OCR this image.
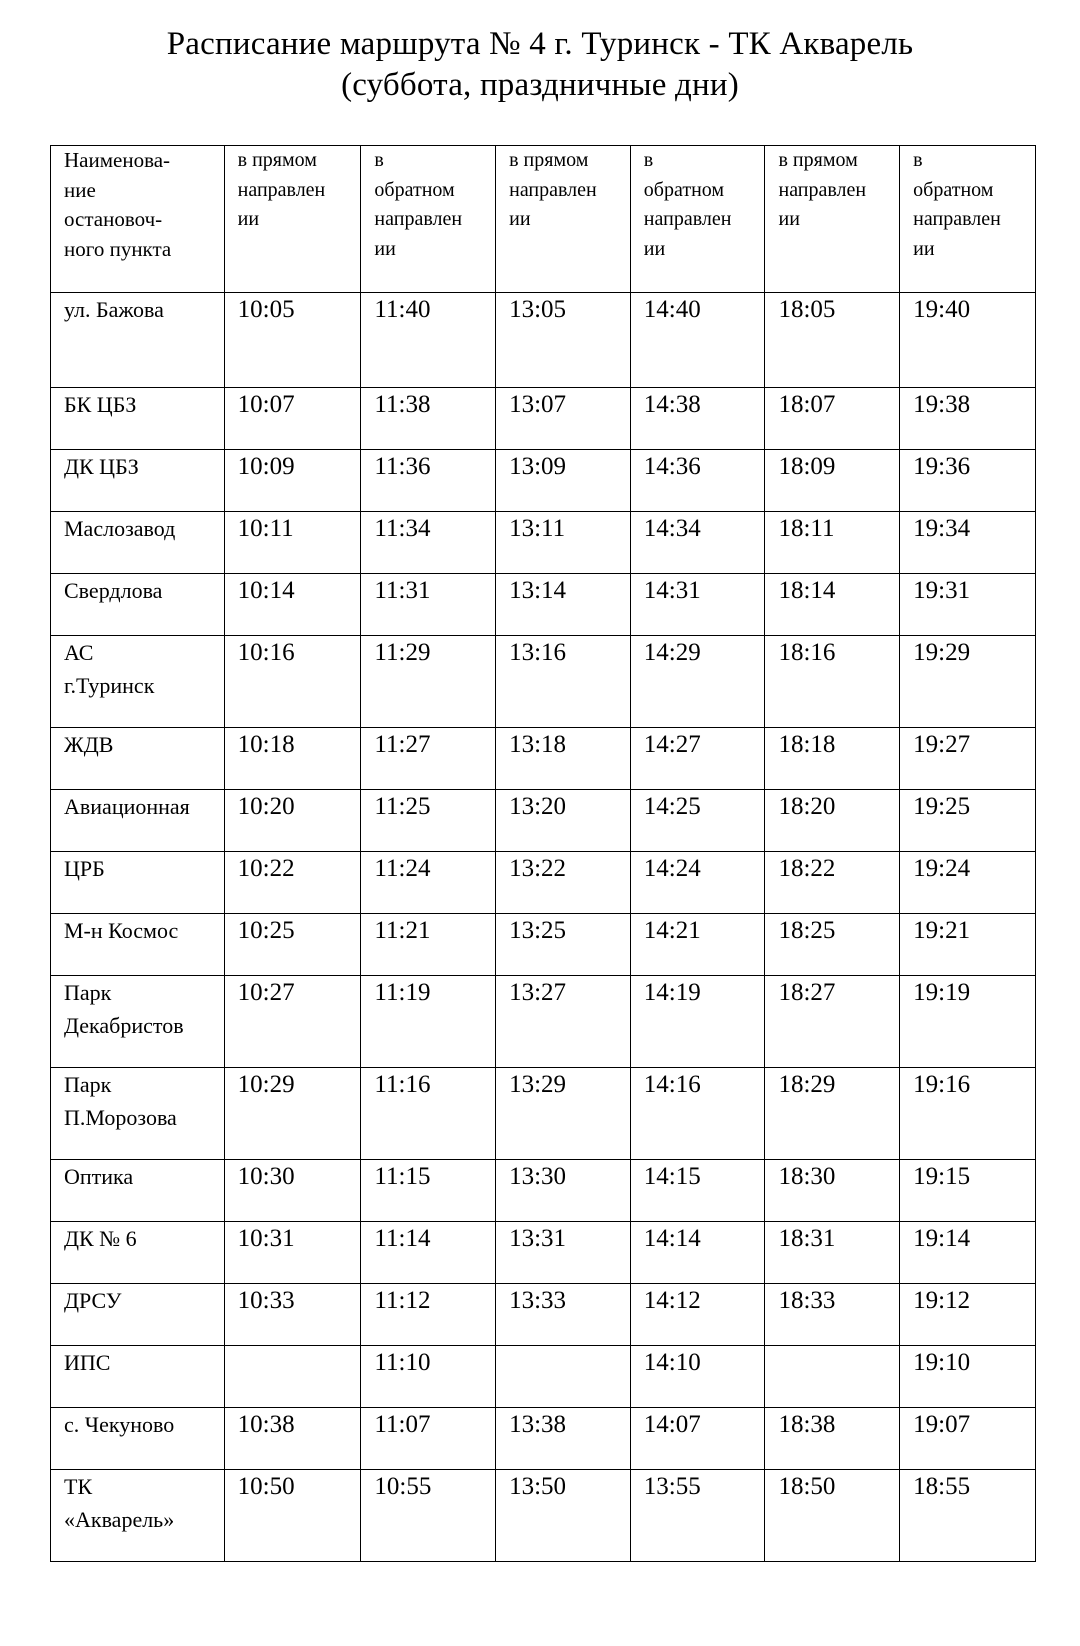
Расписание маршрута № 4 г. Туринск - ТК Акварель
(суббота, праздничные дни)
Наименова-
ние
остановоч-
ного пункта	в прямом
направлен
ии	в
обратном
направлен
ии	в прямом
направлен
ии	в
обратном
направлен
ии	в прямом
направлен
ии	в
обратном
направлен
ии

ул. Бажова	10:05	11:40	13:05	14:40	18:05	19:40

БК ЦБЗ	10:07	11:38	13:07	14:38	18:07	19:38

ДК ЦБЗ	10:09	11:36	13:09	14:36	18:09	19:36

Маслозавод	10:11	11:34	13:11	14:34	18:11	19:34

Свердлова	10:14	11:31	13:14	14:31	18:14	19:31

АС
г.Туринск	10:16	11:29	13:16	14:29	18:16	19:29

ЖДВ	10:18	11:27	13:18	14:27	18:18	19:27

Авиационная	10:20	11:25	13:20	14:25	18:20	19:25

ЦРБ	10:22	11:24	13:22	14:24	18:22	19:24

М-н Космос	10:25	11:21	13:25	14:21	18:25	19:21

Парк
Декабристов	10:27	11:19	13:27	14:19	18:27	19:19

Парк
П.Морозова	10:29	11:16	13:29	14:16	18:29	19:16

Оптика	10:30	11:15	13:30	14:15	18:30	19:15

ДК № 6	10:31	11:14	13:31	14:14	18:31	19:14

ДРСУ	10:33	11:12	13:33	14:12	18:33	19:12

ИПС		11:10		14:10		19:10

с. Чекуново	10:38	11:07	13:38	14:07	18:38	19:07

ТК
«Акварель»	10:50	10:55	13:50	13:55	18:50	18:55
